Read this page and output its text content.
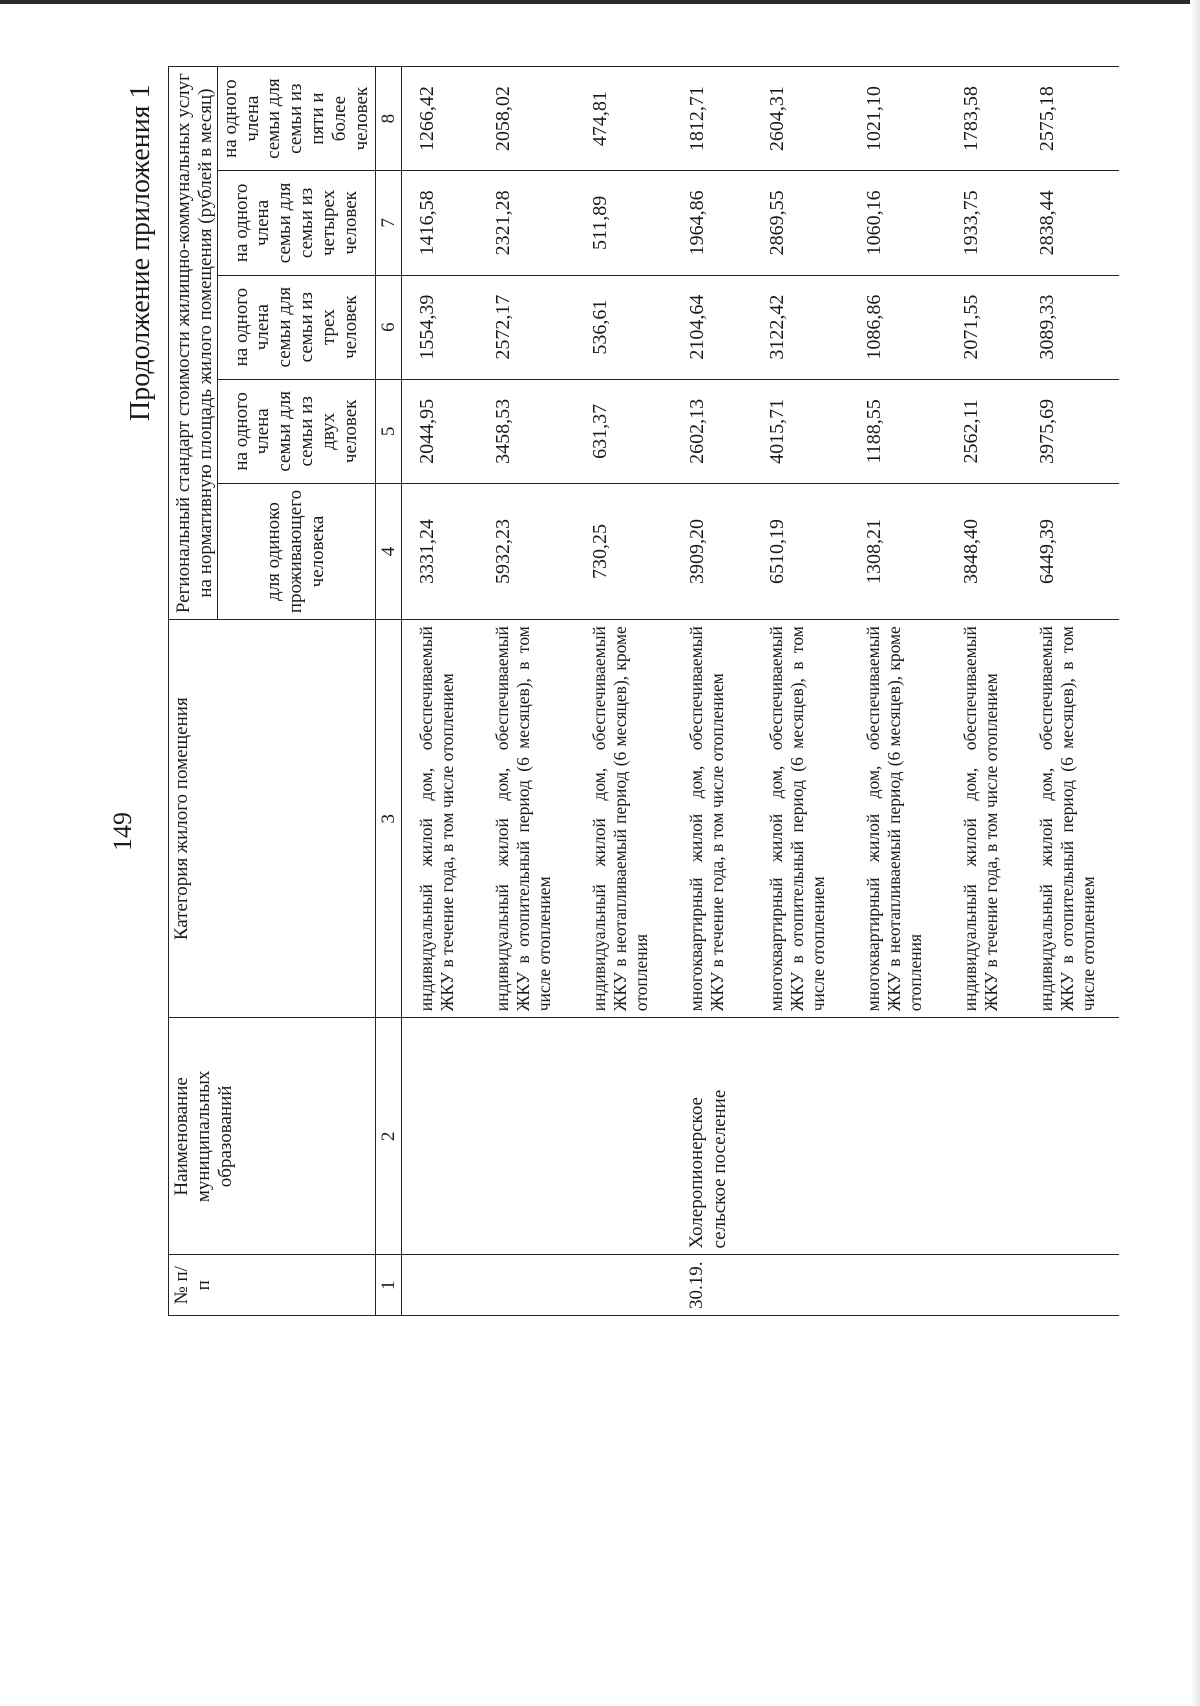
149
Продолжение приложения 1
№ п/п	Наименование муниципальных образований	Категория жилого помещения	Региональный стандарт стоимости жилищно-коммунальных услуг на нормативную площадь жилого помещения (рублей в месяц)				

			для одиноко проживающего человека	на одного члена семьи для семьи из двух человек	на одного члена семьи для семьи из трех человек	на одного члена семьи для семьи из четырех человек	на одного члена семьи для семьи из пяти и более человек
1	2	3	4	5	6	7	8
		индивидуальный жилой дом, обеспечиваемый ЖКУ в течение года, в том числе отоплением	3331,24	2044,95	1554,39	1416,58	1266,42
		индивидуальный жилой дом, обеспечиваемый ЖКУ в отопительный период (6 месяцев), в том числе отоплением	5932,23	3458,53	2572,17	2321,28	2058,02
		индивидуальный жилой дом, обеспечиваемый ЖКУ в неотапливаемый период (6 месяцев), кроме отопления	730,25	631,37	536,61	511,89	474,81
30.19.	Холеропионерское сельское поселение	многоквартирный жилой дом, обеспечиваемый ЖКУ в течение года, в том числе отоплением	3909,20	2602,13	2104,64	1964,86	1812,71
		многоквартирный жилой дом, обеспечиваемый ЖКУ в отопительный период (6 месяцев), в том числе отоплением	6510,19	4015,71	3122,42	2869,55	2604,31
		многоквартирный жилой дом, обеспечиваемый ЖКУ в неотапливаемый период (6 месяцев), кроме отопления	1308,21	1188,55	1086,86	1060,16	1021,10
		индивидуальный жилой дом, обеспечиваемый ЖКУ в течение года, в том числе отоплением	3848,40	2562,11	2071,55	1933,75	1783,58
		индивидуальный жилой дом, обеспечиваемый ЖКУ в отопительный период (6 месяцев), в том числе отоплением	6449,39	3975,69	3089,33	2838,44	2575,18
